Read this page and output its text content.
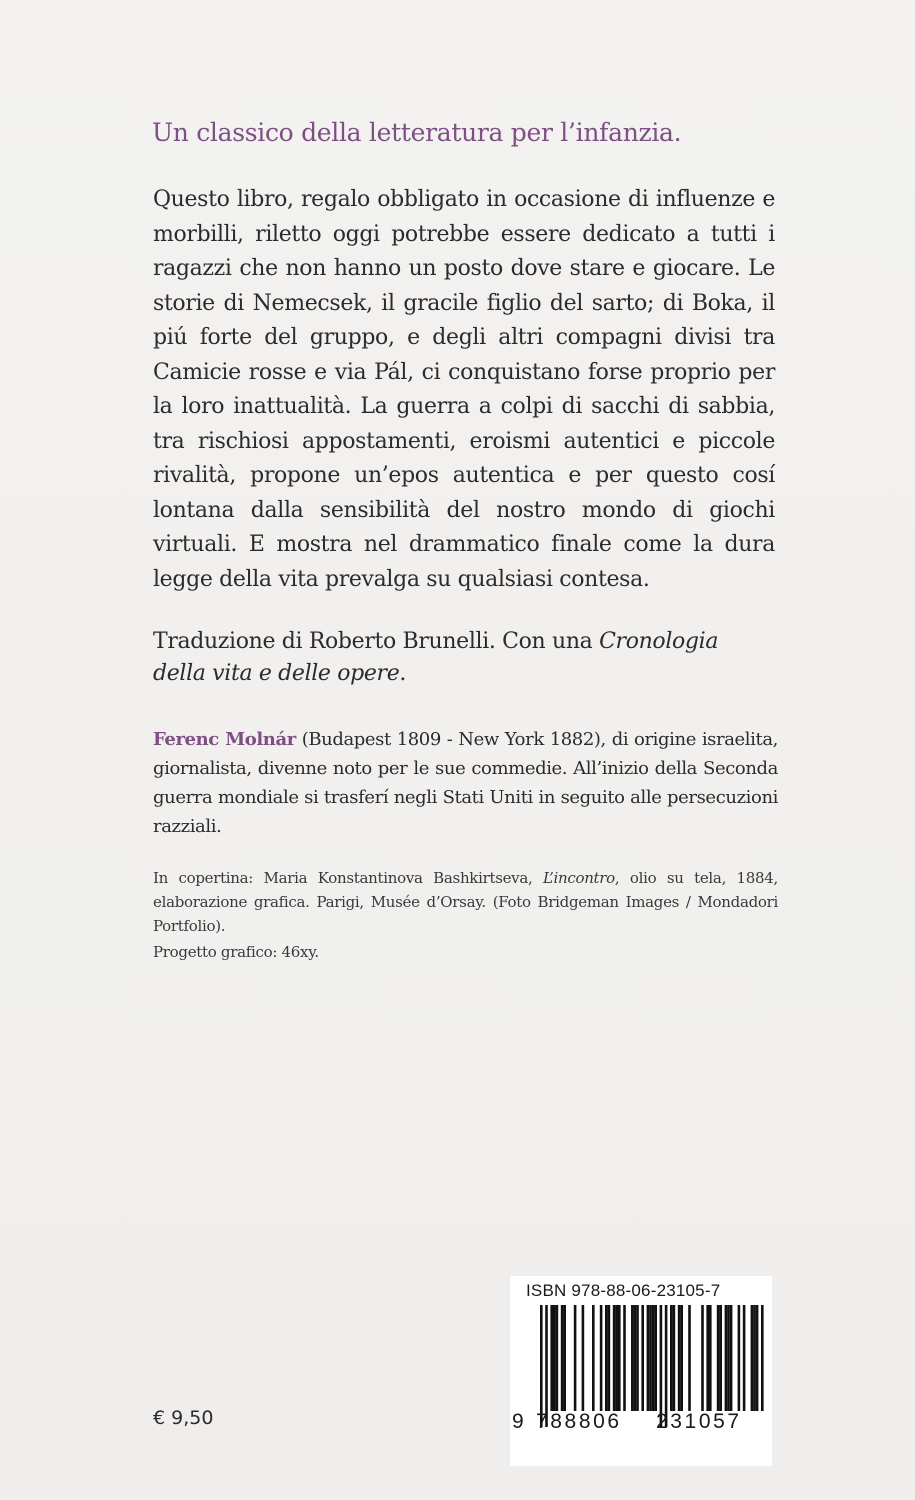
Un classico della letteratura per l’infanzia.
Questo libro, regalo obbligato in occasione di influenze e morbilli, riletto oggi potrebbe essere dedicato a tutti i ragazzi che non hanno un posto dove stare e giocare. Le storie di Nemecsek, il gracile figlio del sarto; di Boka, il piú forte del gruppo, e degli altri compagni divisi tra Camicie rosse e via Pál, ci conquistano forse proprio per la loro inattualità. La guerra a colpi di sacchi di sabbia, tra rischiosi appostamenti, eroismi autentici e piccole rivalità, propone un’epos autentica e per questo cosí lontana dalla sensibilità del nostro mondo di giochi virtuali. E mostra nel drammatico finale come la dura legge della vita prevalga su qualsiasi contesa.
Traduzione di Roberto Brunelli. Con una Cronologia della vita e delle opere.
Ferenc Molnár (Budapest 1809 - New York 1882), di origine israelita, giornalista, divenne noto per le sue commedie. All’inizio della Seconda guerra mondiale si trasferí negli Stati Uniti in seguito alle persecuzioni razziali.
In copertina: Maria Konstantinova Bashkirtseva, L’incontro, olio su tela, 1884, elaborazione grafica. Parigi, Musée d’Orsay. (Foto Bridgeman Images / Mondadori Portfolio).
Progetto grafico: 46xy.
€ 9,50
ISBN 978-88-06-23105-7
9 788806 231057
